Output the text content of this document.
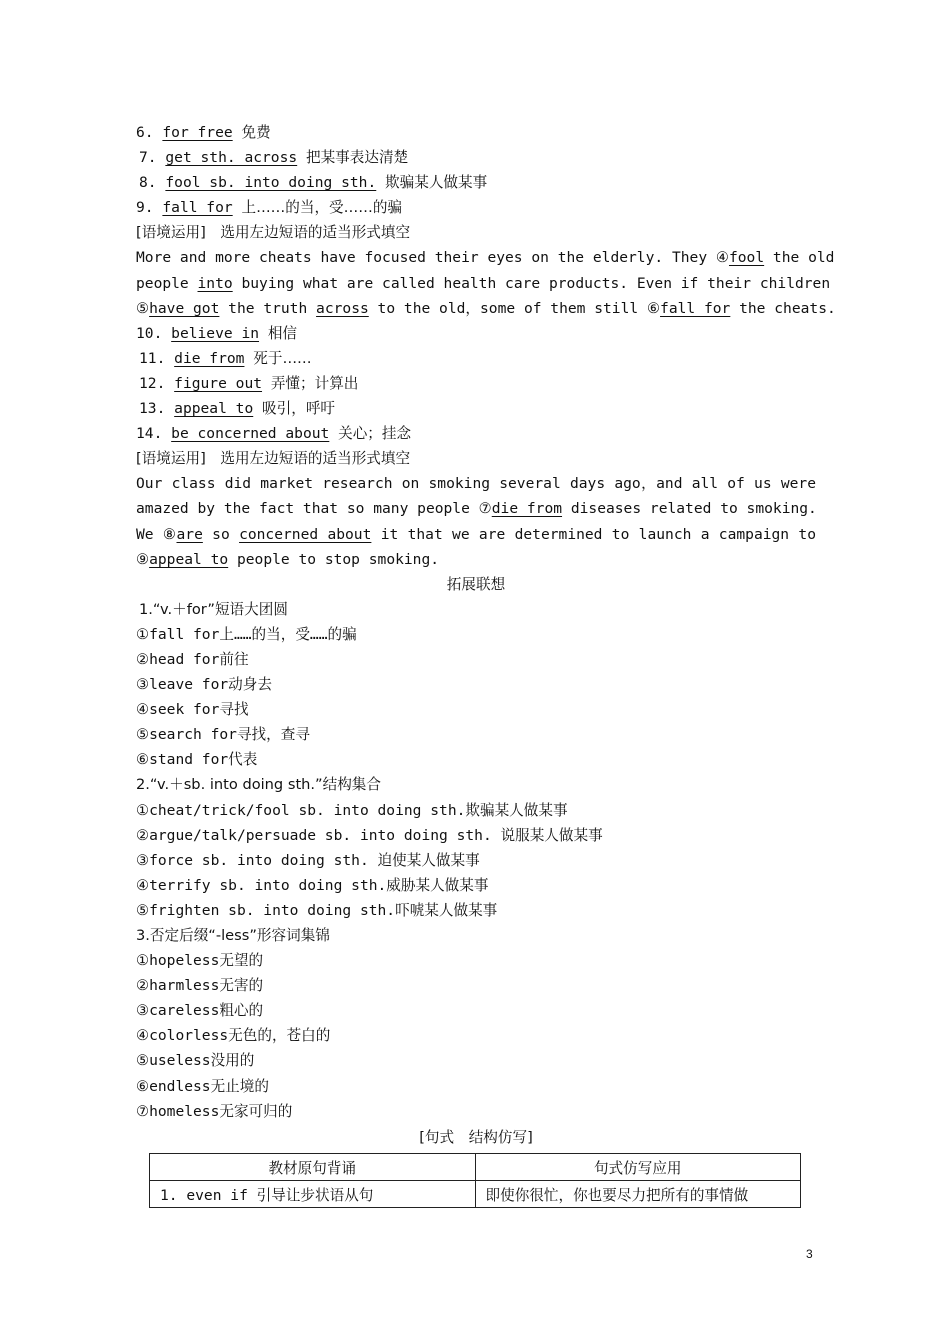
6. for free 免费
7. get sth. across 把某事表达清楚
8. fool sb. into doing sth. 欺骗某人做某事
9. fall for 上……的当，受……的骗
[语境运用]　选用左边短语的适当形式填空
More and more cheats have focused their eyes on the elderly. They ④fool the old
people into buying what are called health care products. Even if their children
⑤have got the truth across to the old，some of them still ⑥fall for the cheats.
10. believe in 相信
11. die from 死于……
12. figure out 弄懂；计算出
13. appeal to 吸引，呼吁
14. be concerned about 关心；挂念
[语境运用]　选用左边短语的适当形式填空
Our class did market research on smoking several days ago，and all of us were
amazed by the fact that so many people ⑦die from diseases related to smoking.
We ⑧are so concerned about it that we are determined to launch a campaign to
⑨appeal to people to stop smoking.
拓展联想
1.“v.＋for”短语大团圆
①fall for上……的当，受……的骗
②head for前往
③leave for动身去
④seek for寻找
⑤search for寻找，查寻
⑥stand for代表
2.“v.＋sb. into doing sth.”结构集合
①cheat/trick/fool sb. into doing sth.欺骗某人做某事
②argue/talk/persuade sb. into doing sth. 说服某人做某事
③force sb. into doing sth. 迫使某人做某事
④terrify sb. into doing sth.威胁某人做某事
⑤frighten sb. into doing sth.吓唬某人做某事
3.否定后缀“-less”形容词集锦
①hopeless无望的
②harmless无害的
③careless粗心的
④colorless无色的，苍白的
⑤useless没用的
⑥endless无止境的
⑦homeless无家可归的
[句式　结构仿写]
教材原句背诵	句式仿写应用
1. even if 引导让步状语从句	即使你很忙，你也要尽力把所有的事情做
3
